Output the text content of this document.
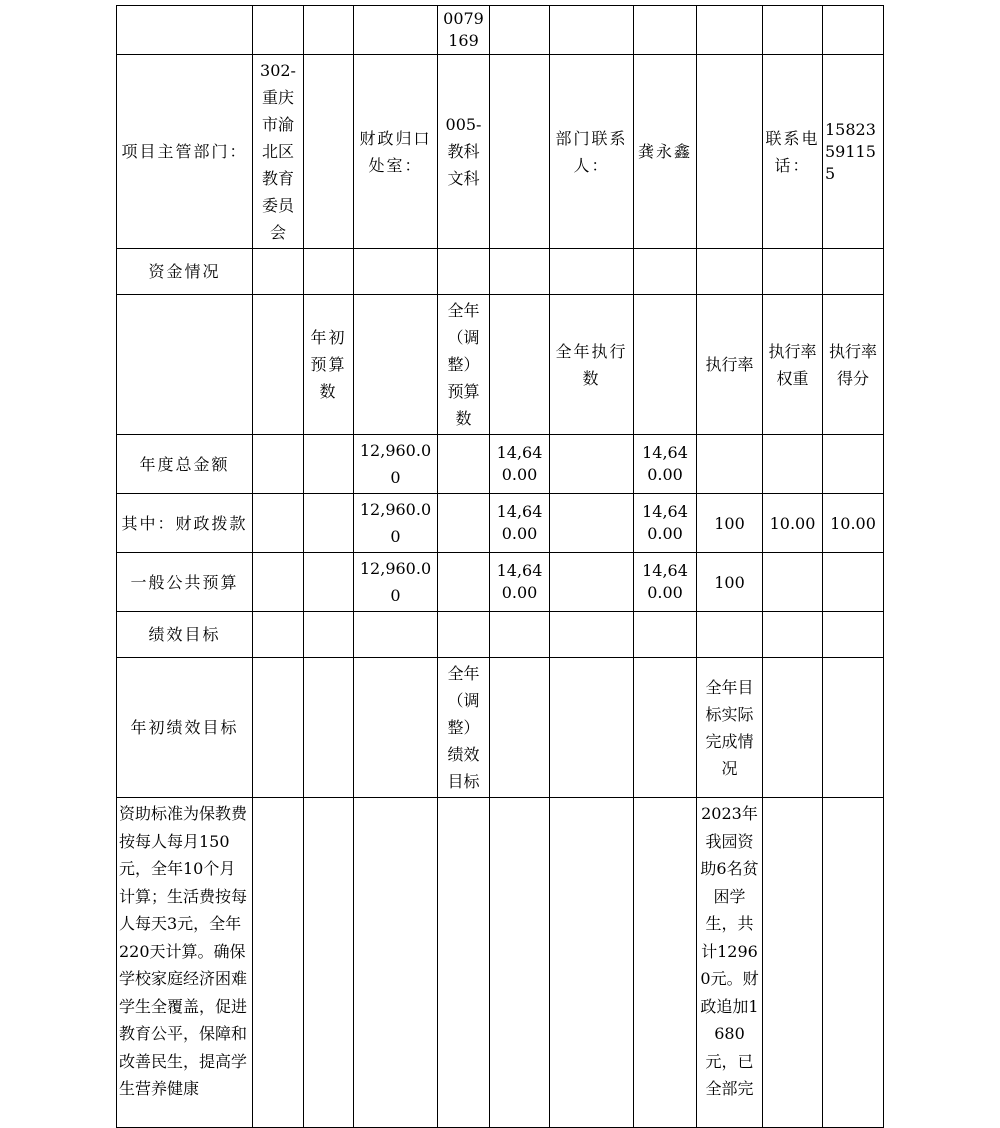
				0079169						
项目主管部门：	302-重庆市渝北区教育委员会		财政归口处室：	005-教科文科		部门联系人：	龚永鑫		联系电话：	15823591155
资金情况										
		年初预算数		全年（调整）预算数		全年执行数		执行率	执行率权重	执行率得分
年度总金额			12,960.00		14,640.00		14,640.00			
其中：财政拨款			12,960.00		14,640.00		14,640.00	100	10.00	10.00
一般公共预算			12,960.00		14,640.00		14,640.00	100		
绩效目标										
年初绩效目标				全年（调整）绩效目标				全年目标实际完成情况		
资助标准为保教费按每人每月150元，全年10个月计算；生活费按每人每天3元，全年220天计算。确保学校家庭经济困难学生全覆盖，促进教育公平，保障和改善民生，提高学生营养健康								2023年我园资助6名贫困学生，共计12960元。财政追加1680元，已全部完		
